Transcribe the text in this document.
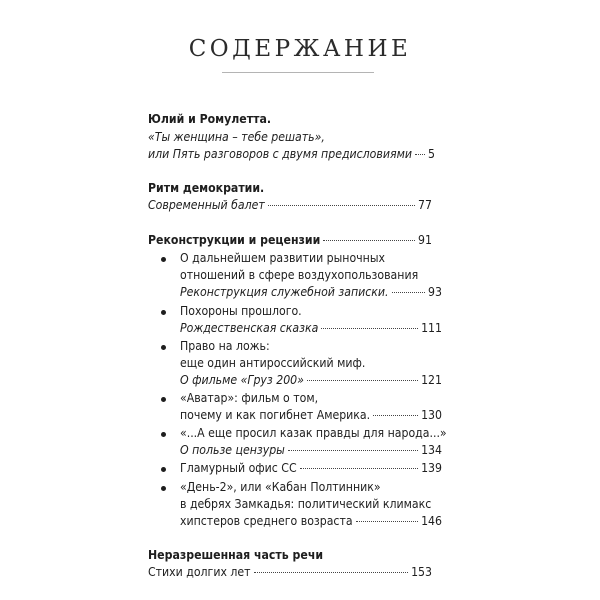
СОДЕРЖАНИЕ
Юлий и Ромулетта.
«Ты женщина – тебе решать»,
или Пять разговоров с двумя предисловиями 5
Ритм демократии.
Современный балет	77
Реконструкции и рецензии	91
О дальнейшем развитии рыночных
отношений в сфере воздухопользования
Реконструкция служебной записки.	93
Похороны прошлого.
Рождественская сказка	111
Право на ложь:
еще один антироссийский миф.
О фильме «Груз 200»	121
«Аватар»: фильм о том,
почему и как погибнет Америка.	130
«...А еще просил казак правды для народа...»
О пользе цензуры	134
Гламурный офис СС	139
«День-2», или «Кабан Полтинник»
в дебрях Замкадья: политический климакс
хипстеров среднего возраста	146
Неразрешенная часть речи
Стихи долгих лет	153
